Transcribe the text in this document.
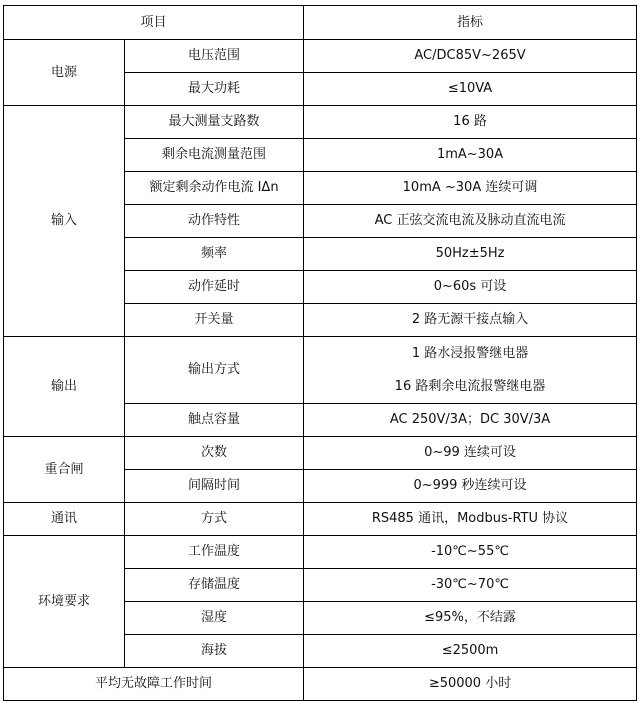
项目		指标
电源	电压范围	AC/DC85V~265V
	最大功耗	≤10VA
输入	最大测量支路数	16 路
	剩余电流测量范围	1mA~30A
	额定剩余动作电流 IΔn	10mA ~30A 连续可调
	动作特性	AC 正弦交流电流及脉动直流电流
	频率	50Hz±5Hz
	动作延时	0~60s 可设
	开关量	2 路无源干接点输入
输出	输出方式	1 路水浸报警继电器
16 路剩余电流报警继电器

	触点容量	AC 250V/3A；DC 30V/3A
重合闸	次数	0~99 连续可设
	间隔时间	0~999 秒连续可设
通讯	方式	RS485 通讯，Modbus-RTU 协议
环境要求	工作温度	-10℃~55℃
	存储温度	-30℃~70℃
	湿度	≤95%，不结露
	海拔	≤2500m
平均无故障工作时间		≥50000 小时
